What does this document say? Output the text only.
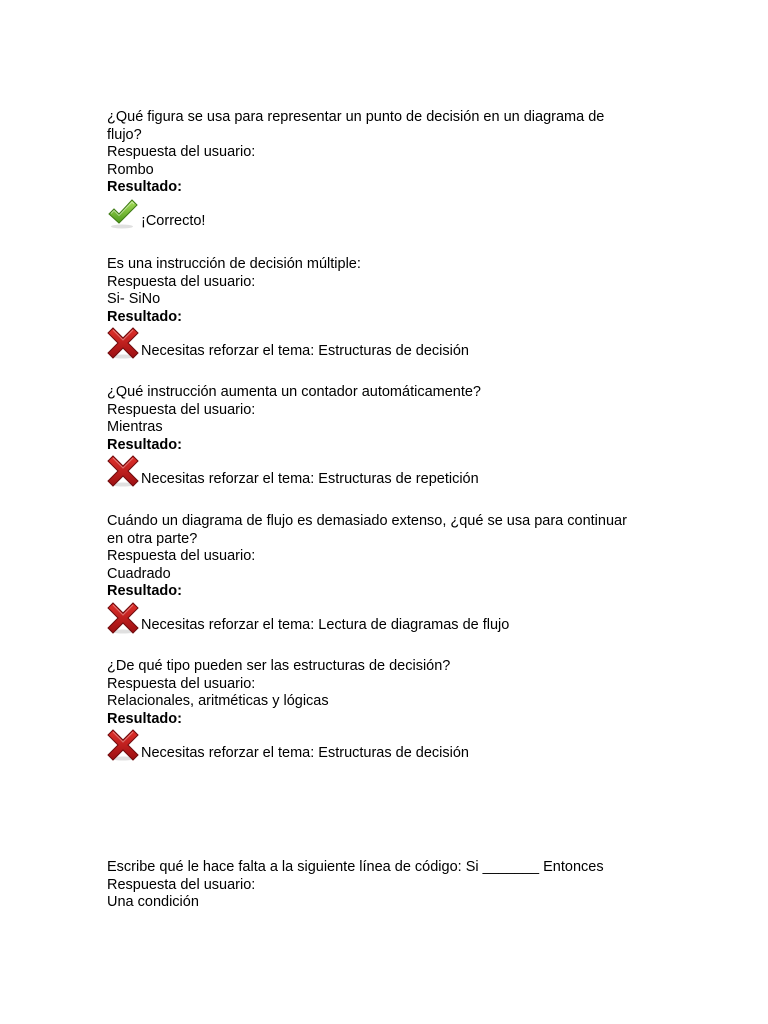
¿Qué figura se usa para representar un punto de decisión en un diagrama de
flujo?
Respuesta del usuario:
Rombo
Resultado:
¡Correcto!
Es una instrucción de decisión múltiple:
Respuesta del usuario:
Si- SiNo
Resultado:
Necesitas reforzar el tema: Estructuras de decisión
¿Qué instrucción aumenta un contador automáticamente?
Respuesta del usuario:
Mientras
Resultado:
Necesitas reforzar el tema: Estructuras de repetición
Cuándo un diagrama de flujo es demasiado extenso, ¿qué se usa para continuar
en otra parte?
Respuesta del usuario:
Cuadrado
Resultado:
Necesitas reforzar el tema: Lectura de diagramas de flujo
¿De qué tipo pueden ser las estructuras de decisión?
Respuesta del usuario:
Relacionales, aritméticas y lógicas
Resultado:
Necesitas reforzar el tema: Estructuras de decisión
Escribe qué le hace falta a la siguiente línea de código: Si _______ Entonces
Respuesta del usuario:
Una condición
